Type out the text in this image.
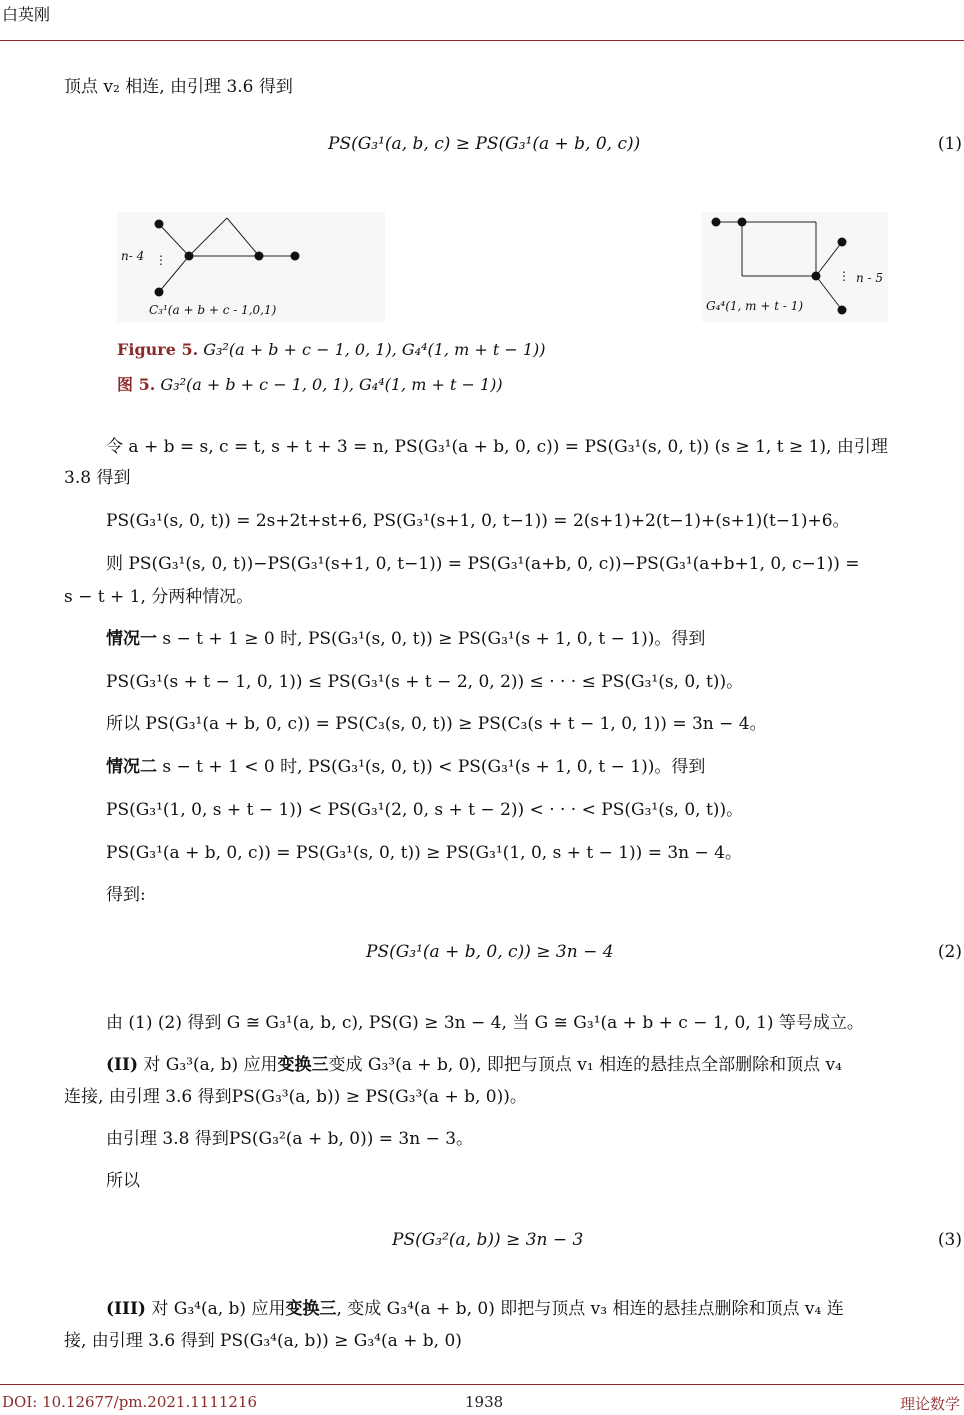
白英刚
顶点 v₂ 相连, 由引理 3.6 得到
PS(G₃¹(a, b, c) ≥ PS(G₃¹(a + b, 0, c))	(1)
n- 4 ⋮
C₃¹(a + b + c - 1,0,1)
⋮ n - 5
G₄⁴(1, m + t - 1)
Figure 5. G₃²(a + b + c − 1, 0, 1), G₄⁴(1, m + t − 1))
图 5. G₃²(a + b + c − 1, 0, 1), G₄⁴(1, m + t − 1))
令 a + b = s, c = t, s + t + 3 = n, PS(G₃¹(a + b, 0, c)) = PS(G₃¹(s, 0, t)) (s ≥ 1, t ≥ 1), 由引理
3.8 得到
PS(G₃¹(s, 0, t)) = 2s+2t+st+6, PS(G₃¹(s+1, 0, t−1)) = 2(s+1)+2(t−1)+(s+1)(t−1)+6。
则 PS(G₃¹(s, 0, t))−PS(G₃¹(s+1, 0, t−1)) = PS(G₃¹(a+b, 0, c))−PS(G₃¹(a+b+1, 0, c−1)) =
s − t + 1, 分两种情况。
情况一 s − t + 1 ≥ 0 时, PS(G₃¹(s, 0, t)) ≥ PS(G₃¹(s + 1, 0, t − 1))。得到
PS(G₃¹(s + t − 1, 0, 1)) ≤ PS(G₃¹(s + t − 2, 0, 2)) ≤ · · · ≤ PS(G₃¹(s, 0, t))。
所以 PS(G₃¹(a + b, 0, c)) = PS(C₃(s, 0, t)) ≥ PS(C₃(s + t − 1, 0, 1)) = 3n − 4。
情况二 s − t + 1 < 0 时, PS(G₃¹(s, 0, t)) < PS(G₃¹(s + 1, 0, t − 1))。得到
PS(G₃¹(1, 0, s + t − 1)) < PS(G₃¹(2, 0, s + t − 2)) < · · · < PS(G₃¹(s, 0, t))。
PS(G₃¹(a + b, 0, c)) = PS(G₃¹(s, 0, t)) ≥ PS(G₃¹(1, 0, s + t − 1)) = 3n − 4。
得到:
PS(G₃¹(a + b, 0, c)) ≥ 3n − 4	(2)
由 (1) (2) 得到 G ≅ G₃¹(a, b, c), PS(G) ≥ 3n − 4, 当 G ≅ G₃¹(a + b + c − 1, 0, 1) 等号成立。
(II) 对 G₃³(a, b) 应用变换三变成 G₃³(a + b, 0), 即把与顶点 v₁ 相连的悬挂点全部删除和顶点 v₄
连接, 由引理 3.6 得到PS(G₃³(a, b)) ≥ PS(G₃³(a + b, 0))。
由引理 3.8 得到PS(G₃²(a + b, 0)) = 3n − 3。
所以
PS(G₃²(a, b)) ≥ 3n − 3	(3)
(III) 对 G₃⁴(a, b) 应用变换三, 变成 G₃⁴(a + b, 0) 即把与顶点 v₃ 相连的悬挂点删除和顶点 v₄ 连
接, 由引理 3.6 得到 PS(G₃⁴(a, b)) ≥ G₃⁴(a + b, 0)
DOI: 10.12677/pm.2021.1111216	1938	理论数学
